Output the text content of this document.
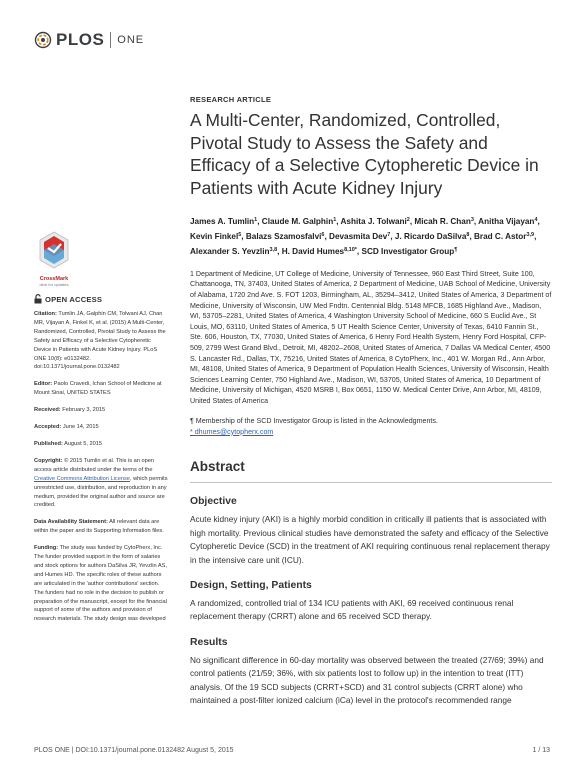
PLOS ONE
CrossMark
click for updates
OPEN ACCESS
Citation: Tumlin JA, Galphin CM, Tolwani AJ, Chan MR, Vijayan A, Finkel K, et al. (2015) A Multi-Center, Randomized, Controlled, Pivotal Study to Assess the Safety and Efficacy of a Selective Cytopheretic Device in Patients with Acute Kidney Injury. PLoS ONE 10(8): e0132482. doi:10.1371/journal.pone.0132482
Editor: Paolo Cravedi, Ichan School of Medicine at Mount Sinai, UNITED STATES
Received: February 3, 2015
Accepted: June 14, 2015
Published: August 5, 2015
Copyright: © 2015 Tumlin et al. This is an open access article distributed under the terms of the Creative Commons Attribution License, which permits unrestricted use, distribution, and reproduction in any medium, provided the original author and source are credited.
Data Availability Statement: All relevant data are within the paper and its Supporting Information files.
Funding: The study was funded by CytoPherx, Inc. The funder provided support in the form of salaries and stock options for authors DaSilva JR, Yevzlin AS, and Humes HD. The specific roles of these authors are articulated in the 'author contributions' section. The funders had no role in the decision to publish or preparation of the manuscript, except for the financial support of some of the authors and provision of research materials. The study design was developed
RESEARCH ARTICLE
A Multi-Center, Randomized, Controlled, Pivotal Study to Assess the Safety and Efficacy of a Selective Cytopheretic Device in Patients with Acute Kidney Injury
James A. Tumlin$^1$, Claude M. Galphin$^1$, Ashita J. Tolwani$^2$, Micah R. Chan$^3$, Anitha Vijayan$^4$, Kevin Finkel$^5$, Balazs Szamosfalvi$^6$, Devasmita Dev$^7$, J. Ricardo DaSilva$^8$, Brad C. Astor$^{3,9}$, Alexander S. Yevzlin$^{3,8}$, H. David Humes$^{8,10*}$, SCD Investigator Group¶

1 Department of Medicine, UT College of Medicine, University of Tennessee, 960 East Third Street, Suite 100, Chattanooga, TN, 37403, United States of America, 2 Department of Medicine, UAB School of Medicine, University of Alabama, 1720 2nd Ave. S. FOT 1203, Birmingham, AL, 35294–3412, United States of America, 3 Department of Medicine, University of Wisconsin, UW Med Fndtn. Centennial Bldg. 5148 MFCB, 1685 Highland Ave., Madison, WI, 53705–2281, United States of America, 4 Washington University School of Medicine, 660 S Euclid Ave., St Louis, MO, 63110, United States of America, 5 UT Health Science Center, University of Texas, 6410 Fannin St., Ste. 606, Houston, TX, 77030, United States of America, 6 Henry Ford Health System, Henry Ford Hospital, CFP-509, 2799 West Grand Blvd., Detroit, MI, 48202–2608, United States of America, 7 Dallas VA Medical Center, 4500 S. Lancaster Rd., Dallas, TX, 75216, United States of America, 8 CytoPherx, Inc., 401 W. Morgan Rd., Ann Arbor, MI, 48108, United States of America, 9 Department of Population Health Sciences, University of Wisconsin, Health Sciences Learning Center, 750 Highland Ave., Madison, WI, 53705, United States of America, 10 Department of Medicine, University of Michigan, 4520 MSRB I, Box 0651, 1150 W. Medical Center Drive, Ann Arbor, MI, 48109, United States of America

¶ Membership of the SCD Investigator Group is listed in the Acknowledgments.

* dhumes@cytopherx.com

Abstract
Objective

Acute kidney injury (AKI) is a highly morbid condition in critically ill patients that is associated with high mortality. Previous clinical studies have demonstrated the safety and efficacy of the Selective Cytopheretic Device (SCD) in the treatment of AKI requiring continuous renal replacement therapy in the intensive care unit (ICU).

Design, Setting, Patients

A randomized, controlled trial of 134 ICU patients with AKI, 69 received continuous renal replacement therapy (CRRT) alone and 65 received SCD therapy.

Results

No significant difference in 60-day mortality was observed between the treated (27/69; 39%) and control patients (21/59; 36%, with six patients lost to follow up) in the intention to treat (ITT) analysis. Of the 19 SCD subjects (CRRT+SCD) and 31 control subjects (CRRT alone) who maintained a post-filter ionized calcium (iCa) level in the protocol's recommended range

PLOS ONE | DOI:10.1371/journal.pone.0132482 August 5, 2015	1 / 13
